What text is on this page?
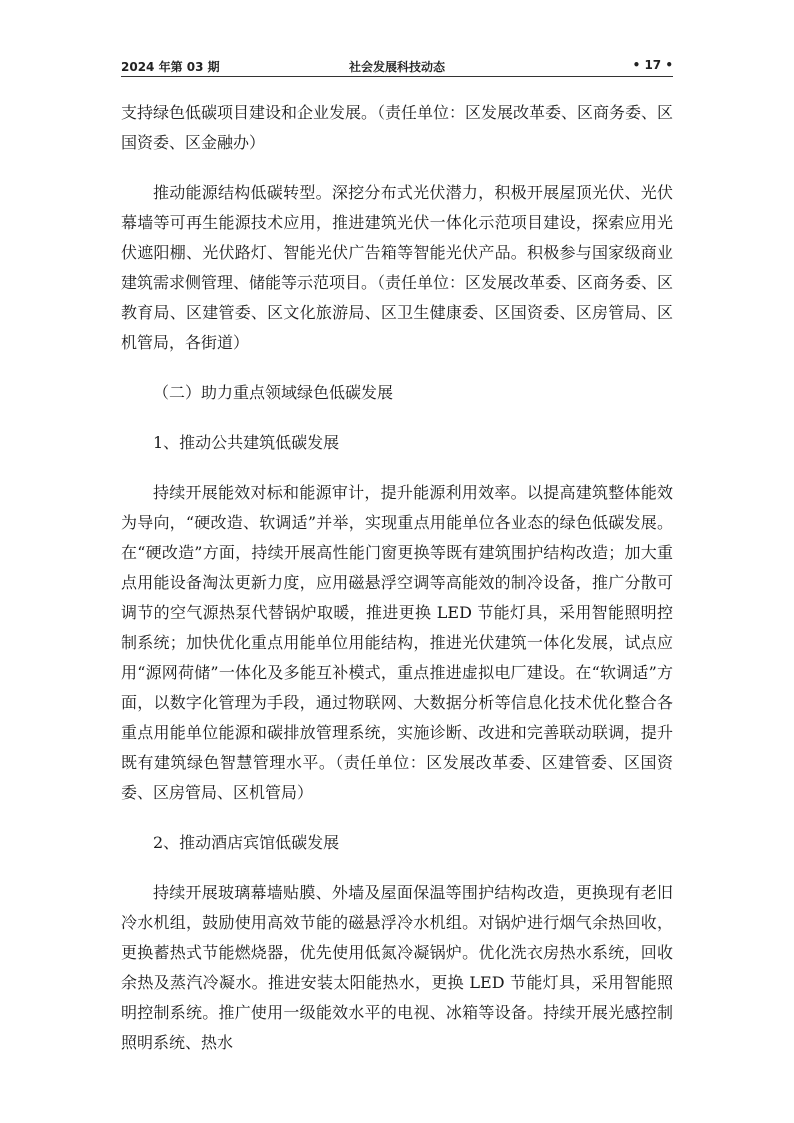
2024 年第 03 期	社会发展科技动态	• 17 •

支持绿色低碳项目建设和企业发展。（责任单位：区发展改革委、区商务委、区国资委、区金融办）

推动能源结构低碳转型。深挖分布式光伏潜力，积极开展屋顶光伏、光伏幕墙等可再生能源技术应用，推进建筑光伏一体化示范项目建设，探索应用光伏遮阳棚、光伏路灯、智能光伏广告箱等智能光伏产品。积极参与国家级商业建筑需求侧管理、储能等示范项目。（责任单位：区发展改革委、区商务委、区教育局、区建管委、区文化旅游局、区卫生健康委、区国资委、区房管局、区机管局，各街道）

（二）助力重点领域绿色低碳发展

1、推动公共建筑低碳发展

持续开展能效对标和能源审计，提升能源利用效率。以提高建筑整体能效为导向，“硬改造、软调适”并举，实现重点用能单位各业态的绿色低碳发展。在“硬改造”方面，持续开展高性能门窗更换等既有建筑围护结构改造；加大重点用能设备淘汰更新力度，应用磁悬浮空调等高能效的制冷设备，推广分散可调节的空气源热泵代替锅炉取暖，推进更换 LED 节能灯具，采用智能照明控制系统；加快优化重点用能单位用能结构，推进光伏建筑一体化发展，试点应用“源网荷储”一体化及多能互补模式，重点推进虚拟电厂建设。在“软调适”方面，以数字化管理为手段，通过物联网、大数据分析等信息化技术优化整合各重点用能单位能源和碳排放管理系统，实施诊断、改进和完善联动联调，提升既有建筑绿色智慧管理水平。（责任单位：区发展改革委、区建管委、区国资委、区房管局、区机管局）

2、推动酒店宾馆低碳发展

持续开展玻璃幕墙贴膜、外墙及屋面保温等围护结构改造，更换现有老旧冷水机组，鼓励使用高效节能的磁悬浮冷水机组。对锅炉进行烟气余热回收，更换蓄热式节能燃烧器，优先使用低氮冷凝锅炉。优化洗衣房热水系统，回收余热及蒸汽冷凝水。推进安装太阳能热水，更换 LED 节能灯具，采用智能照明控制系统。推广使用一级能效水平的电视、冰箱等设备。持续开展光感控制照明系统、热水
